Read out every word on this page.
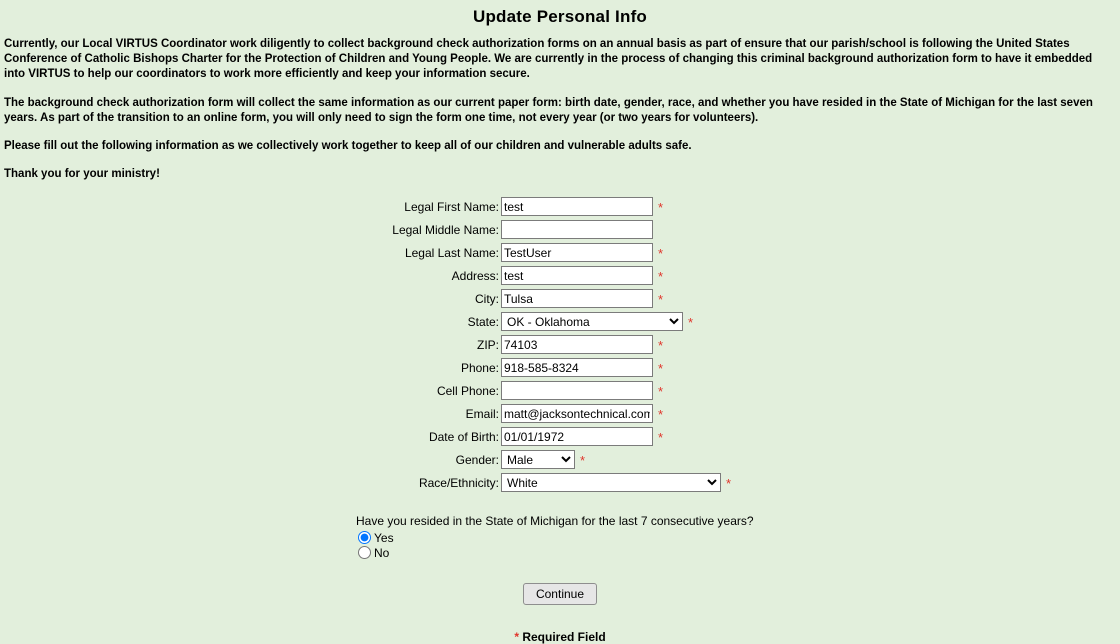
Update Personal Info

Currently, our Local VIRTUS Coordinator work diligently to collect background check authorization forms on an annual basis as part of ensure that our parish/school is following the United States Conference of Catholic Bishops Charter for the Protection of Children and Young People. We are currently in the process of changing this criminal background authorization form to have it embedded into VIRTUS to help our coordinators to work more efficiently and keep your information secure.

The background check authorization form will collect the same information as our current paper form: birth date, gender, race, and whether you have resided in the State of Michigan for the last seven years. As part of the transition to an online form, you will only need to sign the form one time, not every year (or two years for volunteers).

Please fill out the following information as we collectively work together to keep all of our children and vulnerable adults safe.

Thank you for your ministry!

Legal First Name:
test	*
Legal Middle Name:
Legal Last Name:
TestUser	*
Address:
test	*
City:
Tulsa	*
State:
OK - Oklahoma	*
ZIP:
74103	*
Phone:
918-585-8324	*
Cell Phone:	*
Email:
matt@jacksontechnical.com	*
Date of Birth:
01/01/1972	*
Gender:
Male	*
Race/Ethnicity:
White	*
Have you resided in the State of Michigan for the last 7 consecutive years?
Yes
No
Continue
* Required Field
